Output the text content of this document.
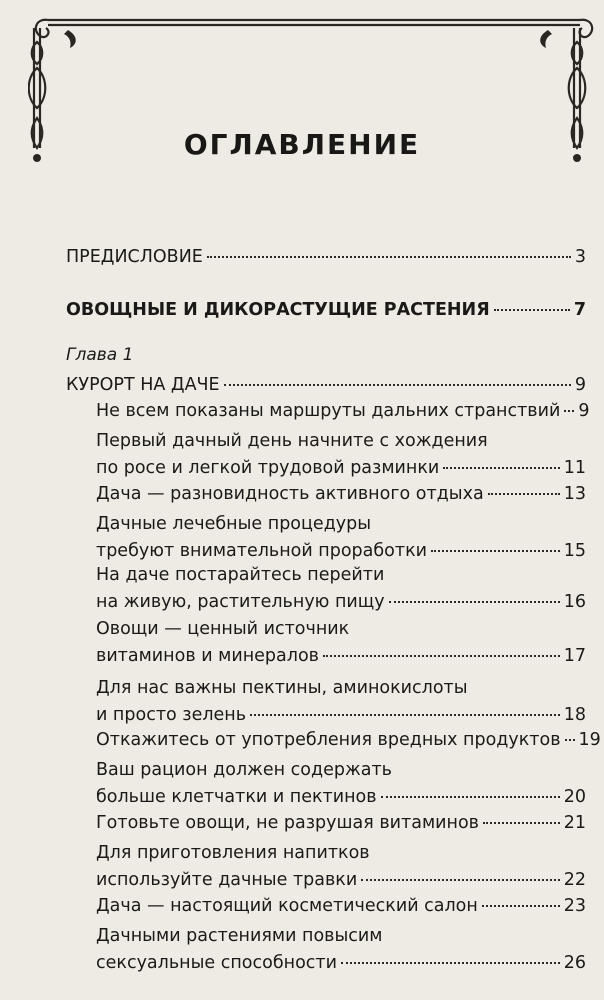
ОГЛАВЛЕНИЕ
Глава 1
ПРЕДИСЛОВИЕ	3
ОВОЩНЫЕ И ДИКОРАСТУЩИЕ РАСТЕНИЯ	7
КУРОРТ НА ДАЧЕ	9
Не всем показаны маршруты дальних странствий 9
Первый дачный день начните с хождения
по росе и легкой трудовой разминки	11
Дача — разновидность активного отдыха	13
Дачные лечебные процедуры
требуют внимательной проработки	15
На даче постарайтесь перейти
на живую, растительную пищу	16
Овощи — ценный источник
витаминов и минералов	17
Для нас важны пектины, аминокислоты
и просто зелень	18
Откажитесь от употребления вредных продуктов 19
Ваш рацион должен содержать
больше клетчатки и пектинов	20
Готовьте овощи, не разрушая витаминов	21
Для приготовления напитков
используйте дачные травки	22
Дача — настоящий косметический салон	23
Дачными растениями повысим
сексуальные способности	26
